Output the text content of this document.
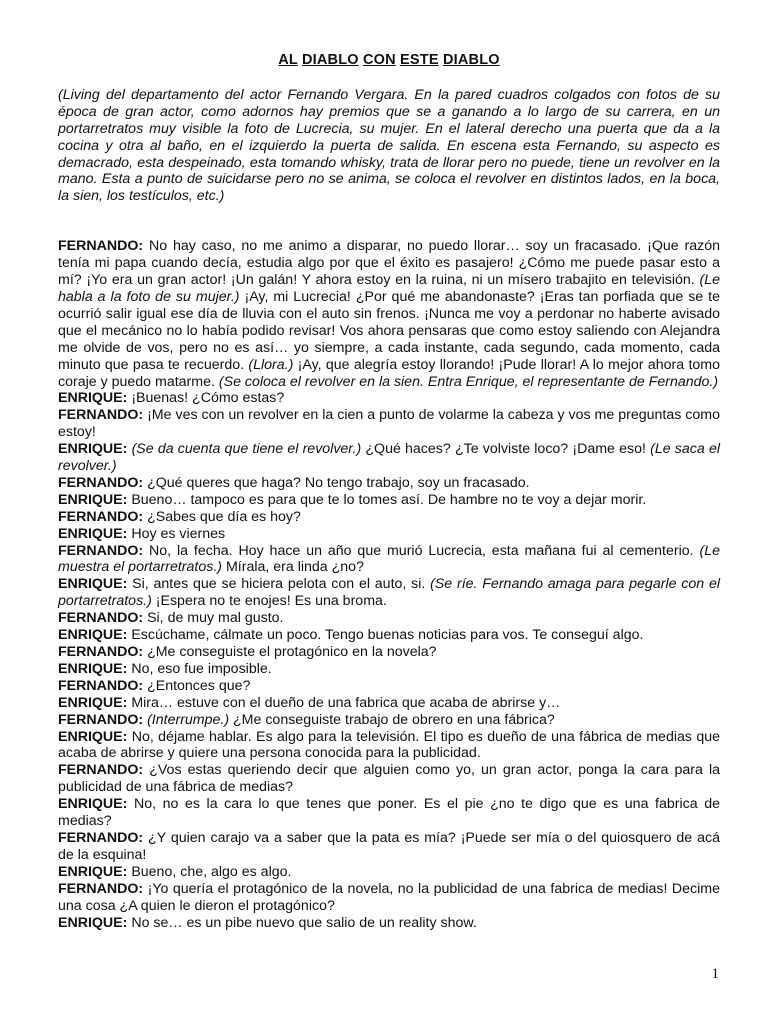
AL DIABLO CON ESTE DIABLO

(Living del departamento del actor Fernando Vergara. En la pared cuadros colgados con fotos de su época de gran actor, como adornos hay premios que se a ganando a lo largo de su carrera, en un portarretratos muy visible la foto de Lucrecia, su mujer. En el lateral derecho una puerta que da a la cocina y otra al baño, en el izquierdo la puerta de salida. En escena esta Fernando, su aspecto es demacrado, esta despeinado, esta tomando whisky, trata de llorar pero no puede, tiene un revolver en la mano. Esta a punto de suicidarse pero no se anima, se coloca el revolver en distintos lados, en la boca, la sien, los testículos, etc.)

FERNANDO: No hay caso, no me animo a disparar, no puedo llorar… soy un fracasado. ¡Que razón tenía mi papa cuando decía, estudia algo por que el éxito es pasajero! ¿Cómo me puede pasar esto a mí? ¡Yo era un gran actor! ¡Un galán! Y ahora estoy en la ruina, ni un mísero trabajito en televisión. (Le habla a la foto de su mujer.) ¡Ay, mi Lucrecia! ¿Por qué me abandonaste? ¡Eras tan porfiada que se te ocurrió salir igual ese día de lluvia con el auto sin frenos. ¡Nunca me voy a perdonar no haberte avisado que el mecánico no lo había podido revisar! Vos ahora pensaras que como estoy saliendo con Alejandra me olvide de vos, pero no es así… yo siempre, a cada instante, cada segundo, cada momento, cada minuto que pasa te recuerdo. (Llora.) ¡Ay, que alegría estoy llorando! ¡Pude llorar! A lo mejor ahora tomo coraje y puedo matarme. (Se coloca el revolver en la sien. Entra Enrique, el representante de Fernando.)

ENRIQUE: ¡Buenas! ¿Cómo estas?

FERNANDO: ¡Me ves con un revolver en la cien a punto de volarme la cabeza y vos me preguntas como estoy!

ENRIQUE: (Se da cuenta que tiene el revolver.) ¿Qué haces? ¿Te volviste loco? ¡Dame eso! (Le saca el revolver.)

FERNANDO: ¿Qué queres que haga? No tengo trabajo, soy un fracasado.

ENRIQUE: Bueno… tampoco es para que te lo tomes así. De hambre no te voy a dejar morir.

FERNANDO: ¿Sabes que día es hoy?

ENRIQUE: Hoy es viernes

FERNANDO: No, la fecha. Hoy hace un año que murió Lucrecia, esta mañana fui al cementerio. (Le muestra el portarretratos.) Mírala, era linda ¿no?

ENRIQUE: Si, antes que se hiciera pelota con el auto, si. (Se ríe. Fernando amaga para pegarle con el portarretratos.) ¡Espera no te enojes! Es una broma.

FERNANDO: Si, de muy mal gusto.

ENRIQUE: Escúchame, cálmate un poco. Tengo buenas noticias para vos. Te conseguí algo.

FERNANDO: ¿Me conseguiste el protagónico en la novela?

ENRIQUE: No, eso fue imposible.

FERNANDO: ¿Entonces que?

ENRIQUE: Mira… estuve con el dueño de una fabrica que acaba de abrirse y…

FERNANDO: (Interrumpe.) ¿Me conseguiste trabajo de obrero en una fábrica?

ENRIQUE: No, déjame hablar. Es algo para la televisión. El tipo es dueño de una fábrica de medias que acaba de abrirse y quiere una persona conocida para la publicidad.

FERNANDO: ¿Vos estas queriendo decir que alguien como yo, un gran actor, ponga la cara para la publicidad de una fábrica de medias?

ENRIQUE: No, no es la cara lo que tenes que poner. Es el pie ¿no te digo que es una fabrica de medias?

FERNANDO: ¿Y quien carajo va a saber que la pata es mía? ¡Puede ser mía o del quiosquero de acá de la esquina!

ENRIQUE: Bueno, che, algo es algo.

FERNANDO: ¡Yo quería el protagónico de la novela, no la publicidad de una fabrica de medias! Decime una cosa ¿A quien le dieron el protagónico?

ENRIQUE: No se… es un pibe nuevo que salio de un reality show.

1
